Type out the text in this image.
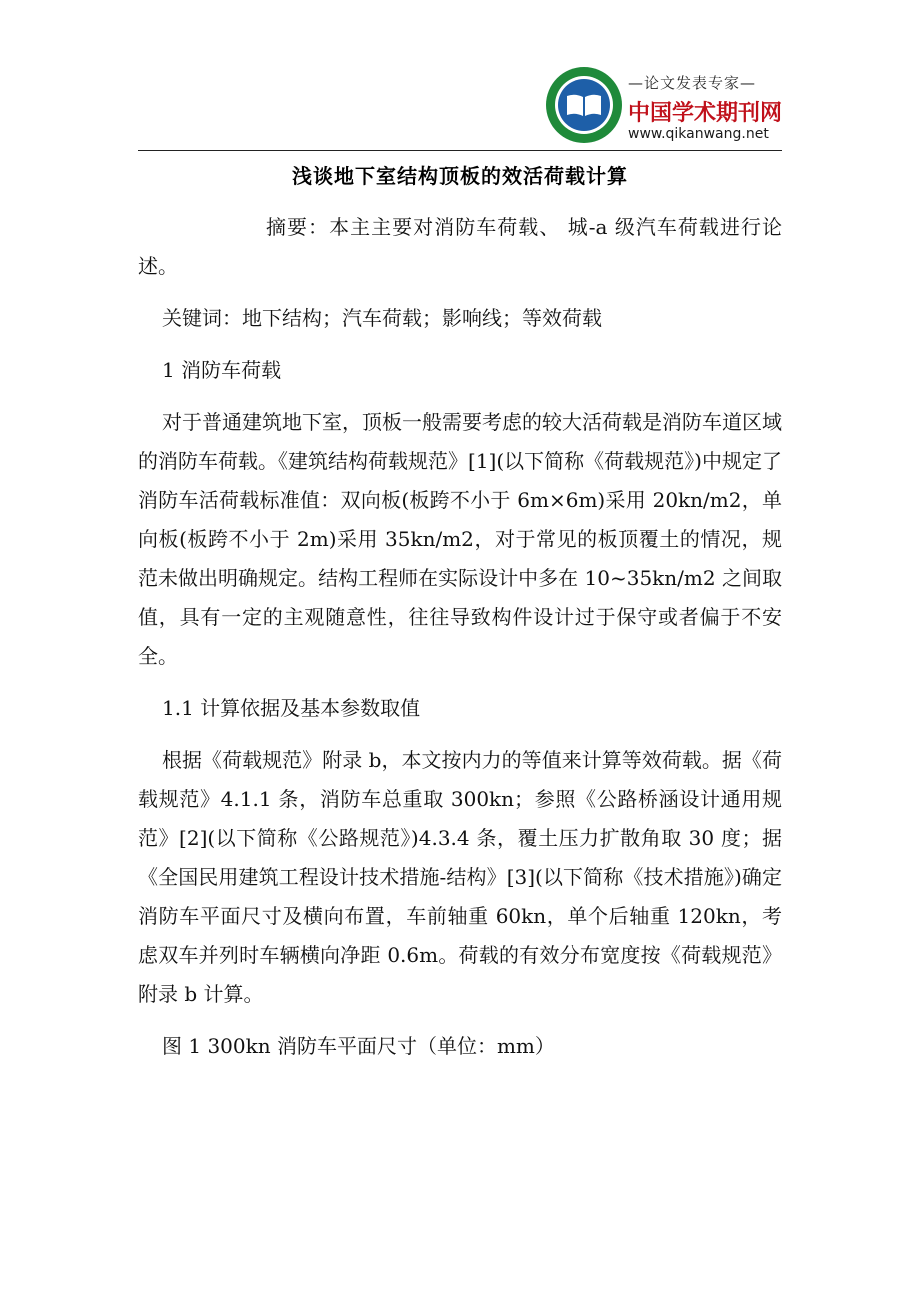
—论文发表专家—
中国学术期刊网
www.qikanwang.net
浅谈地下室结构顶板的效活荷载计算

摘要：本主主要对消防车荷载、 城-a 级汽车荷载进行论述。

关键词：地下结构；汽车荷载；影响线；等效荷载

1 消防车荷载

对于普通建筑地下室，顶板一般需要考虑的较大活荷载是消防车道区域的消防车荷载。《建筑结构荷载规范》[1](以下简称《荷载规范》)中规定了消防车活荷载标准值：双向板(板跨不小于 6m×6m)采用 20kn/m2，单向板(板跨不小于 2m)采用 35kn/m2，对于常见的板顶覆土的情况，规范未做出明确规定。结构工程师在实际设计中多在 10~35kn/m2 之间取值，具有一定的主观随意性，往往导致构件设计过于保守或者偏于不安全。

1.1 计算依据及基本参数取值

根据《荷载规范》附录 b，本文按内力的等值来计算等效荷载。据《荷载规范》4.1.1 条，消防车总重取 300kn；参照《公路桥涵设计通用规范》[2](以下简称《公路规范》)4.3.4 条，覆土压力扩散角取 30 度；据《全国民用建筑工程设计技术措施-结构》[3](以下简称《技术措施》)确定消防车平面尺寸及横向布置，车前轴重 60kn，单个后轴重 120kn，考虑双车并列时车辆横向净距 0.6m。荷载的有效分布宽度按《荷载规范》附录 b 计算。

图 1 300kn 消防车平面尺寸（单位：mm）
